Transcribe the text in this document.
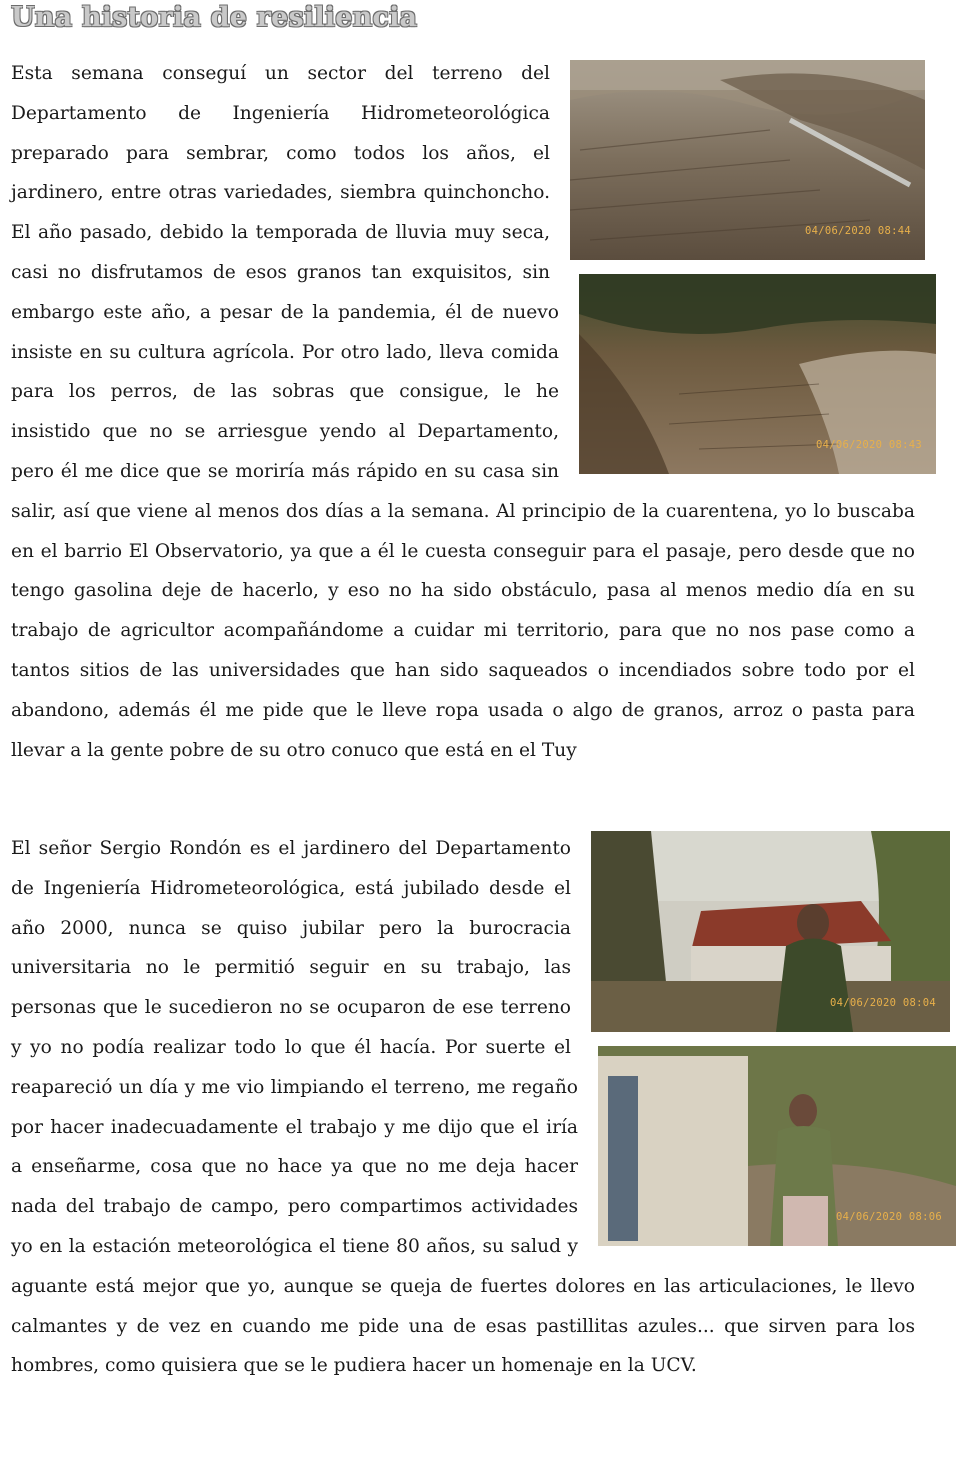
Una historia de resiliencia
04/06/2020 08:44
04/06/2020 08:43
Esta semana conseguí un sector del terreno del Departamento de Ingeniería Hidrometeorológica preparado para sembrar, como todos los años, el jardinero, entre otras variedades, siembra quinchoncho. El año pasado, debido la temporada de lluvia muy seca, casi no disfrutamos de esos granos tan exquisitos, sin embargo este año, a pesar de la pandemia, él de nuevo insiste en su cultura agrícola. Por otro lado, lleva comida para los perros, de las sobras que consigue, le he insistido que no se arriesgue yendo al Departamento, pero él me dice que se moriría más rápido en su casa sin salir, así que viene al menos dos días a la semana. Al principio de la cuarentena, yo lo buscaba en el barrio El Observatorio, ya que a él le cuesta conseguir para el pasaje, pero desde que no tengo gasolina deje de hacerlo, y eso no ha sido obstáculo, pasa al menos medio día en su trabajo de agricultor acompañándome a cuidar mi territorio, para que no nos pase como a tantos sitios de las universidades que han sido saqueados o incendiados sobre todo por el abandono, además él me pide que le lleve ropa usada o algo de granos, arroz o pasta para llevar a la gente pobre de su otro conuco que está en el Tuy
04/06/2020 08:04
04/06/2020 08:06
El señor Sergio Rondón es el jardinero del Departamento de Ingeniería Hidrometeorológica, está jubilado desde el año 2000, nunca se quiso jubilar pero la burocracia universitaria no le permitió seguir en su trabajo, las personas que le sucedieron no se ocuparon de ese terreno y yo no podía realizar todo lo que él hacía. Por suerte el reapareció un día y me vio limpiando el terreno, me regaño por hacer inadecuadamente el trabajo y me dijo que el iría a enseñarme, cosa que no hace ya que no me deja hacer nada del trabajo de campo, pero compartimos actividades yo en la estación meteorológica el tiene 80 años, su salud y aguante está mejor que yo, aunque se queja de fuertes dolores en las articulaciones, le llevo calmantes y de vez en cuando me pide una de esas pastillitas azules... que sirven para los hombres, como quisiera que se le pudiera hacer un homenaje en la UCV.
